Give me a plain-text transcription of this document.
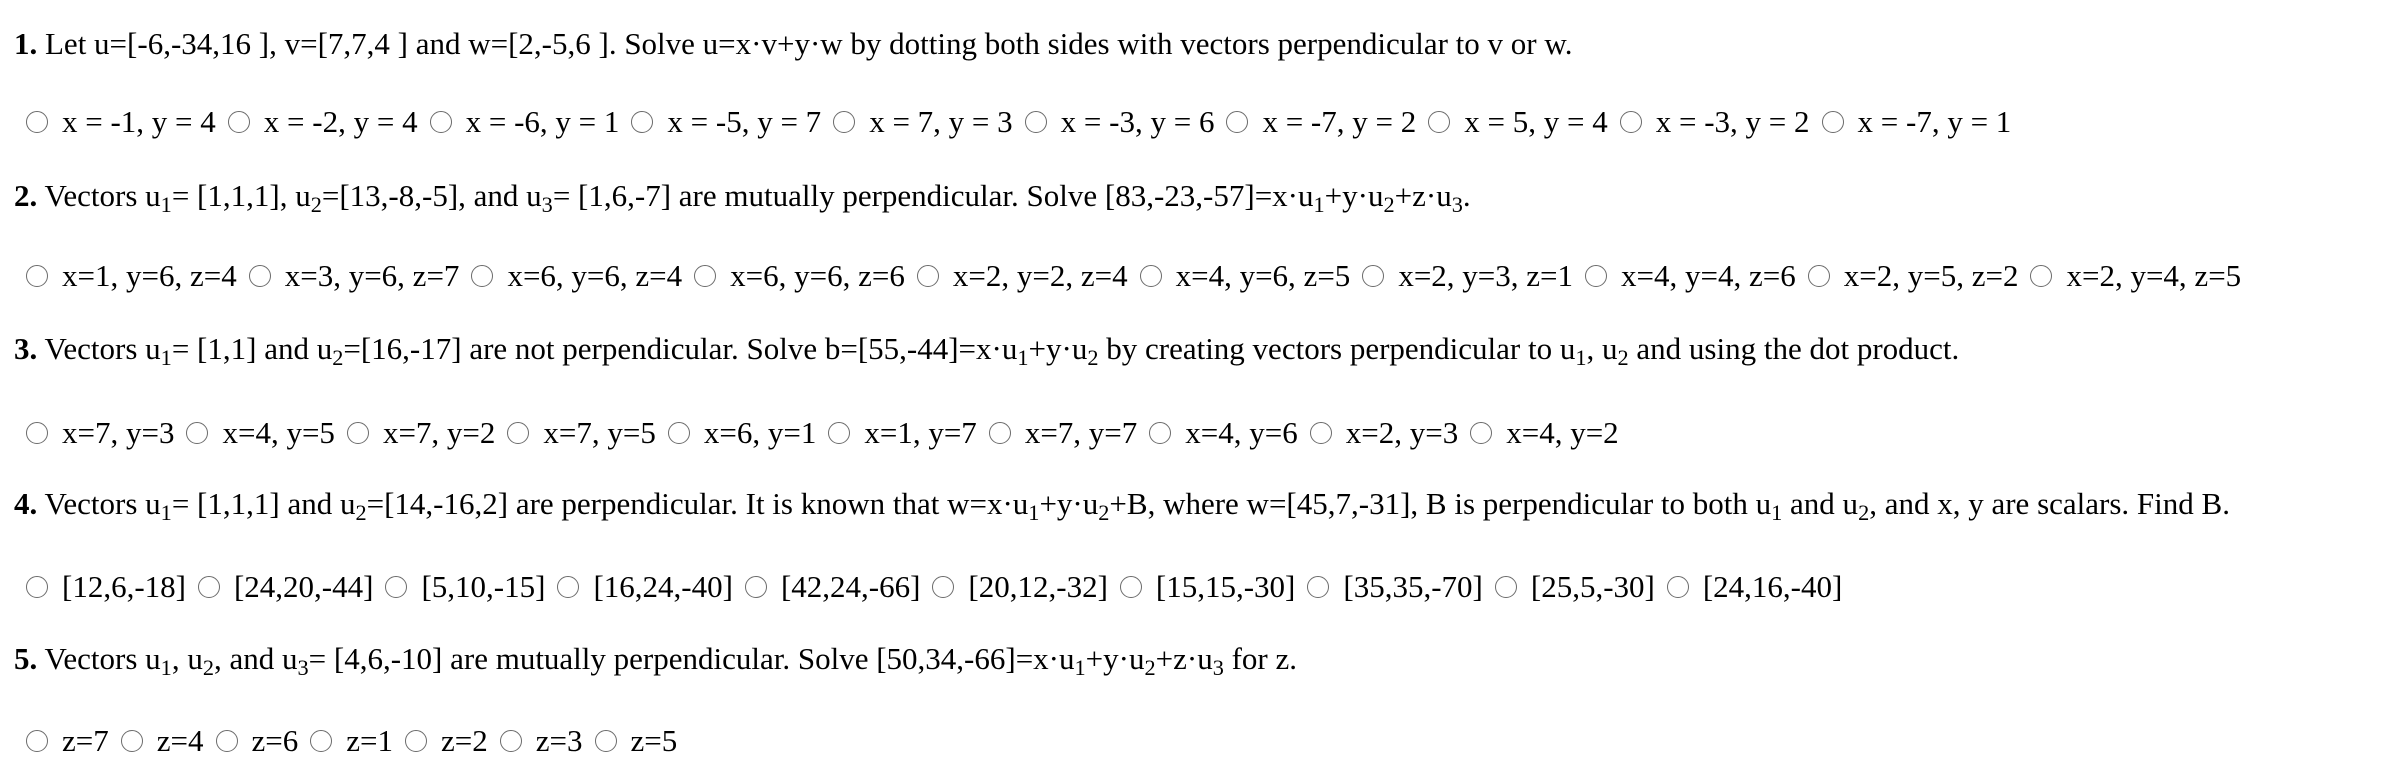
1. Let u=[-6,-34,16 ], v=[7,7,4 ] and w=[2,-5,6 ]. Solve u=x·v+y·w by dotting both sides with vectors perpendicular to v or w.
x = -1, y = 4 x = -2, y = 4 x = -6, y = 1 x = -5, y = 7 x = 7, y = 3 x = -3, y = 6 x = -7, y = 2 x = 5, y = 4 x = -3, y = 2 x = -7, y = 1
2. Vectors $u_1= [1,1,1]$, $u_2=[13,-8,-5]$, and $u_3= [1,6,-7]$ are mutually perpendicular. Solve $[83,-23,-57]=x\cdot u_1+y\cdot u_2+z\cdot u_3$.
x=1, y=6, z=4 x=3, y=6, z=7 x=6, y=6, z=4 x=6, y=6, z=6 x=2, y=2, z=4 x=4, y=6, z=5 x=2, y=3, z=1 x=4, y=4, z=6 x=2, y=5, z=2 x=2, y=4, z=5
3. Vectors $u_1= [1,1]$ and $u_2=[16,-17]$ are not perpendicular. Solve $b=[55,-44]=x\cdot u_1+y\cdot u_2$ by creating vectors perpendicular to $u_1$, $u_2$ and using the dot product.
x=7, y=3 x=4, y=5 x=7, y=2 x=7, y=5 x=6, y=1 x=1, y=7 x=7, y=7 x=4, y=6 x=2, y=3 x=4, y=2
4. Vectors $u_1= [1,1,1]$ and $u_2=[14,-16,2]$ are perpendicular. It is known that $w=x\cdot u_1+y\cdot u_2+B$, where w=[45,7,-31], B is perpendicular to both $u_1$ and $u_2$, and x, y are scalars. Find B.
[12,6,-18] [24,20,-44] [5,10,-15] [16,24,-40] [42,24,-66] [20,12,-32] [15,15,-30] [35,35,-70] [25,5,-30] [24,16,-40]
5. Vectors $u_1$, $u_2$, and $u_3= [4,6,-10]$ are mutually perpendicular. Solve $[50,34,-66]=x\cdot u_1+y\cdot u_2+z\cdot u_3$ for z.
z=7 z=4 z=6 z=1 z=2 z=3 z=5
